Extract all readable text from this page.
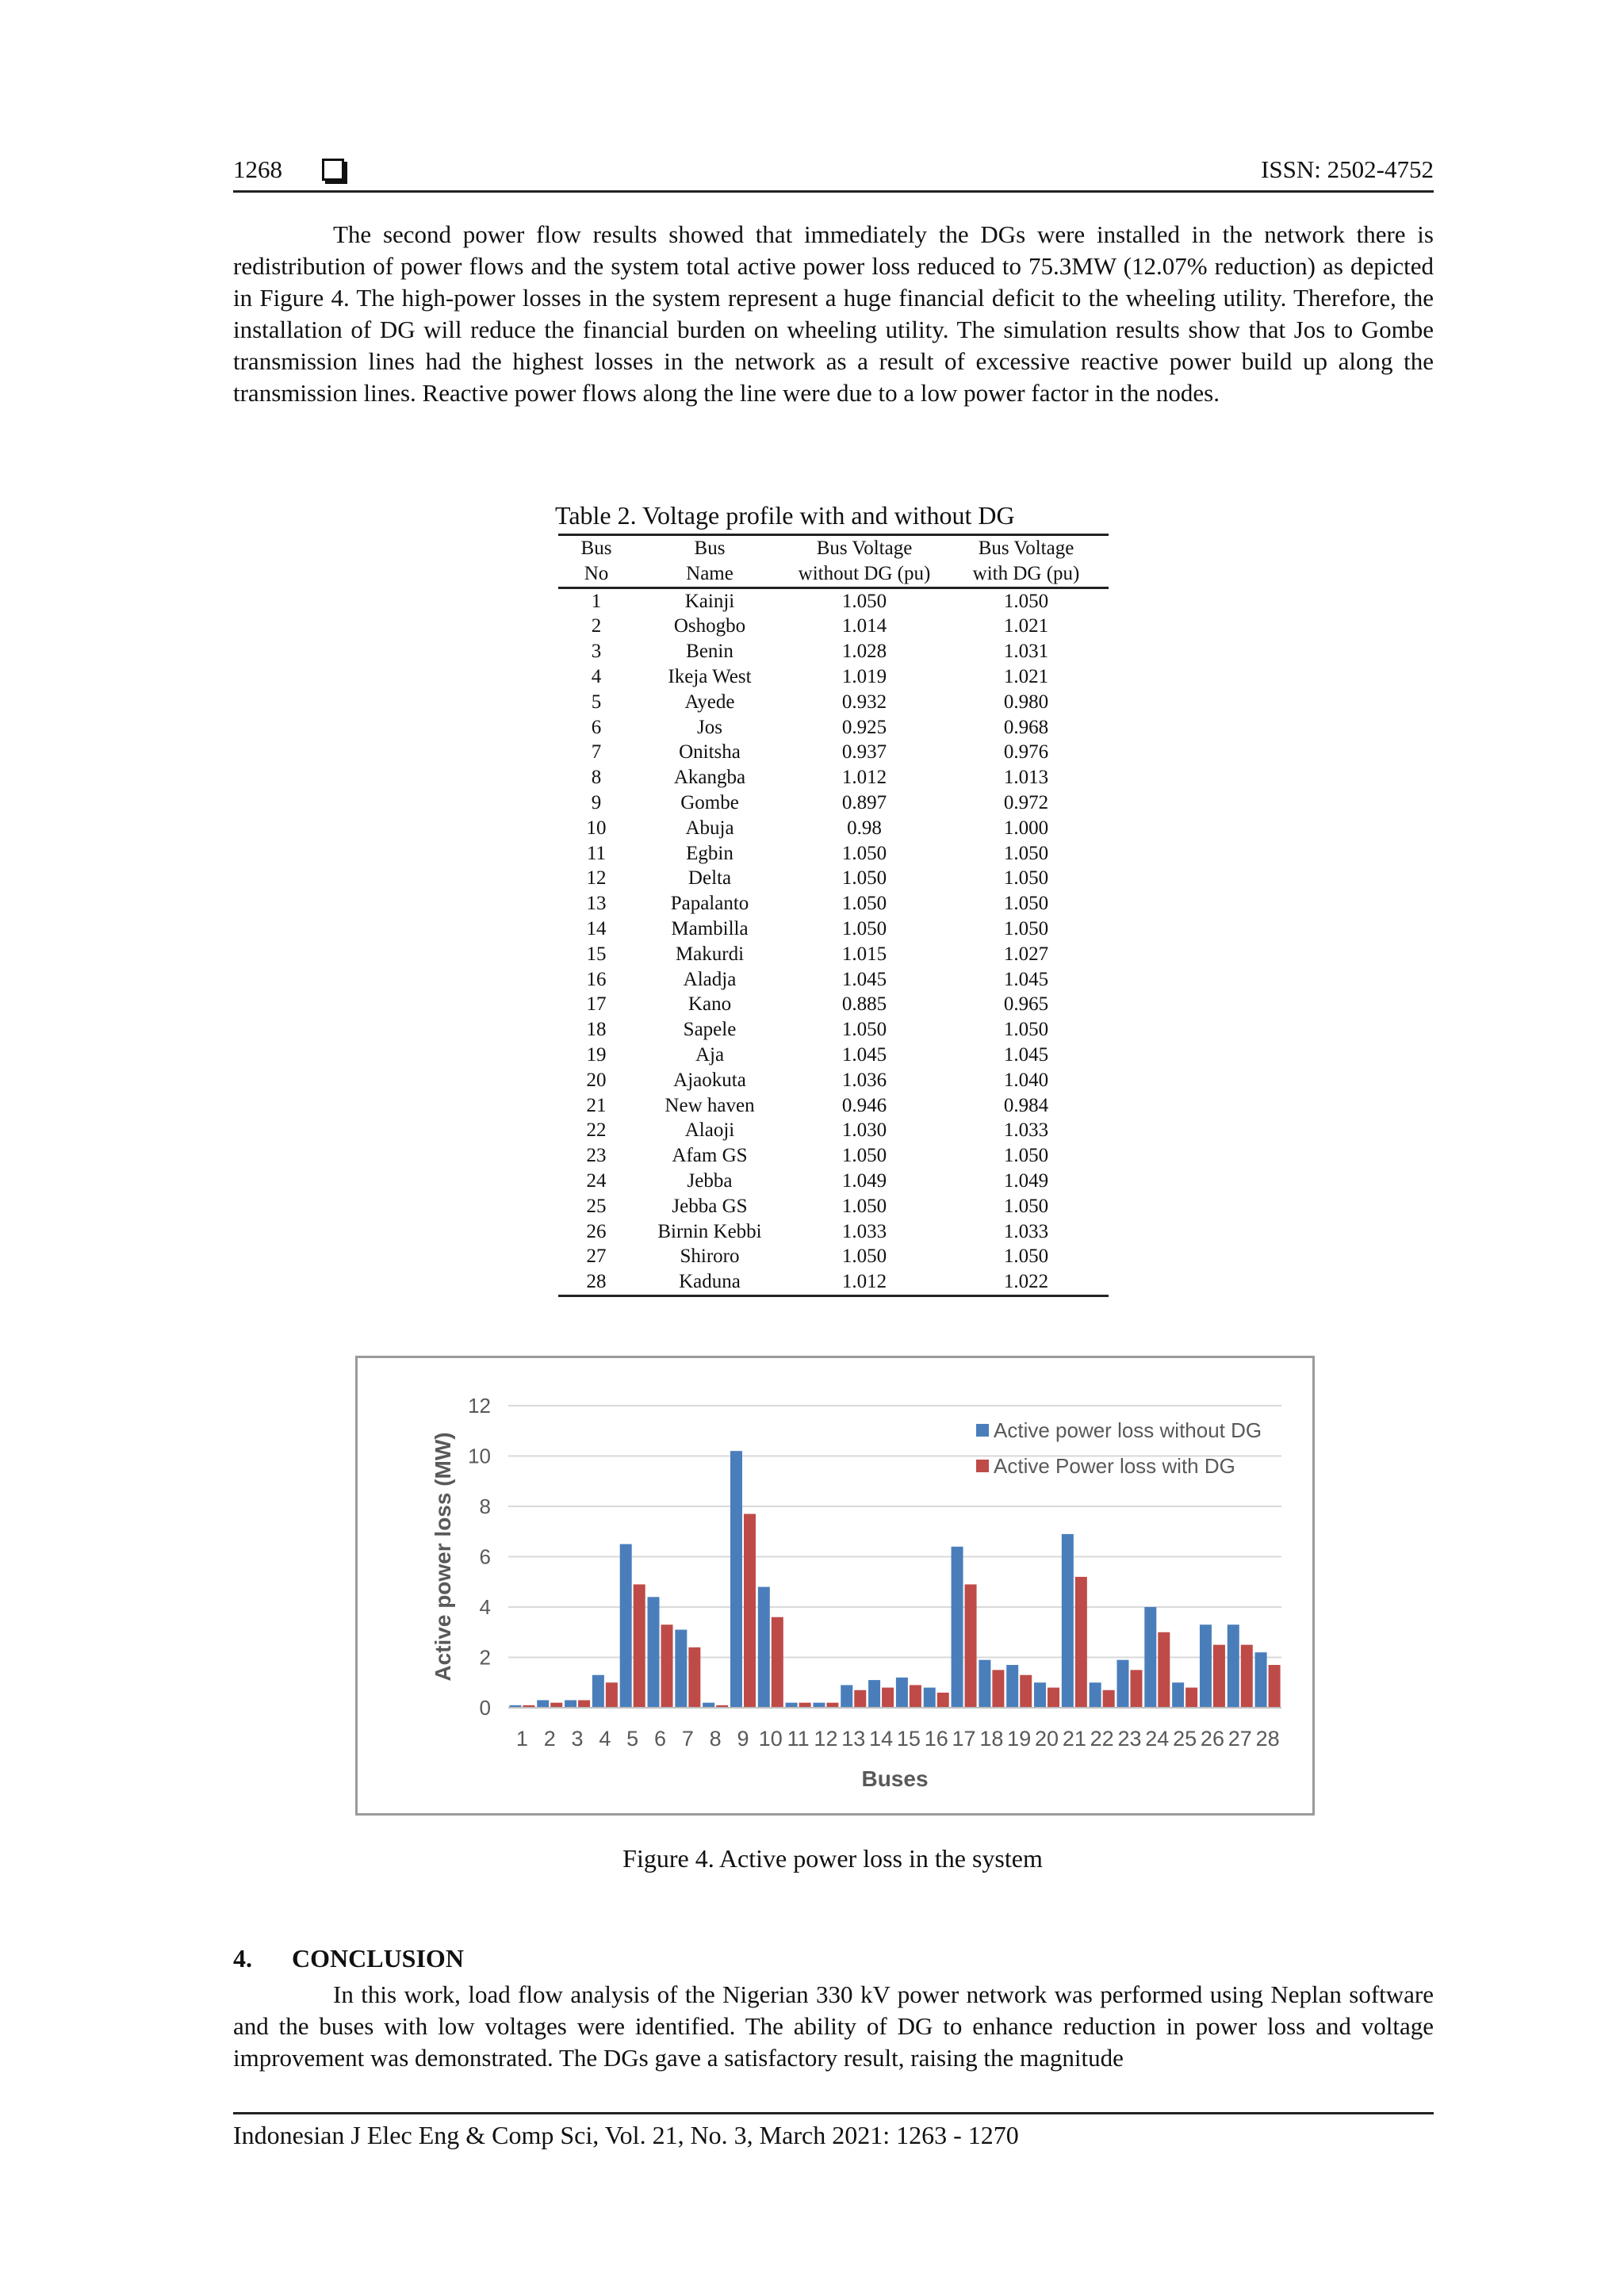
1268	ISSN: 2502-4752

The second power flow results showed that immediately the DGs were installed in the network there is redistribution of power flows and the system total active power loss reduced to 75.3MW (12.07% reduction) as depicted in Figure 4. The high-power losses in the system represent a huge financial deficit to the wheeling utility. Therefore, the installation of DG will reduce the financial burden on wheeling utility. The simulation results show that Jos to Gombe transmission lines had the highest losses in the network as a result of excessive reactive power build up along the transmission lines. Reactive power flows along the line were due to a low power factor in the nodes.

Table 2. Voltage profile with and without DG
Bus	Bus	Bus Voltage	Bus Voltage
No	Name	without DG (pu)	with DG (pu)
1	Kainji	1.050	1.050
2	Oshogbo	1.014	1.021
3	Benin	1.028	1.031
4	Ikeja West	1.019	1.021
5	Ayede	0.932	0.980
6	Jos	0.925	0.968
7	Onitsha	0.937	0.976
8	Akangba	1.012	1.013
9	Gombe	0.897	0.972
10	Abuja	0.98	1.000
11	Egbin	1.050	1.050
12	Delta	1.050	1.050
13	Papalanto	1.050	1.050
14	Mambilla	1.050	1.050
15	Makurdi	1.015	1.027
16	Aladja	1.045	1.045
17	Kano	0.885	0.965
18	Sapele	1.050	1.050
19	Aja	1.045	1.045
20	Ajaokuta	1.036	1.040
21	New haven	0.946	0.984
22	Alaoji	1.030	1.033
23	Afam GS	1.050	1.050
24	Jebba	1.049	1.049
25	Jebba GS	1.050	1.050
26	Birnin Kebbi	1.033	1.033
27	Shiroro	1.050	1.050
28	Kaduna	1.012	1.022
0
2
4
6
8
10
12
Active power loss (MW)
Buses
1 2 3 4 5 6 7 8 9 10 11 12 13 14 15 16 17 18 19 20 21 22 23 24 25 26 27 28
Active power loss without DG
Active Power loss with DG
Figure 4. Active power loss in the system
4. CONCLUSION

In this work, load flow analysis of the Nigerian 330 kV power network was performed using Neplan software and the buses with low voltages were identified. The ability of DG to enhance reduction in power loss and voltage improvement was demonstrated. The DGs gave a satisfactory result, raising the magnitude

Indonesian J Elec Eng & Comp Sci, Vol. 21, No. 3, March 2021: 1263 - 1270
